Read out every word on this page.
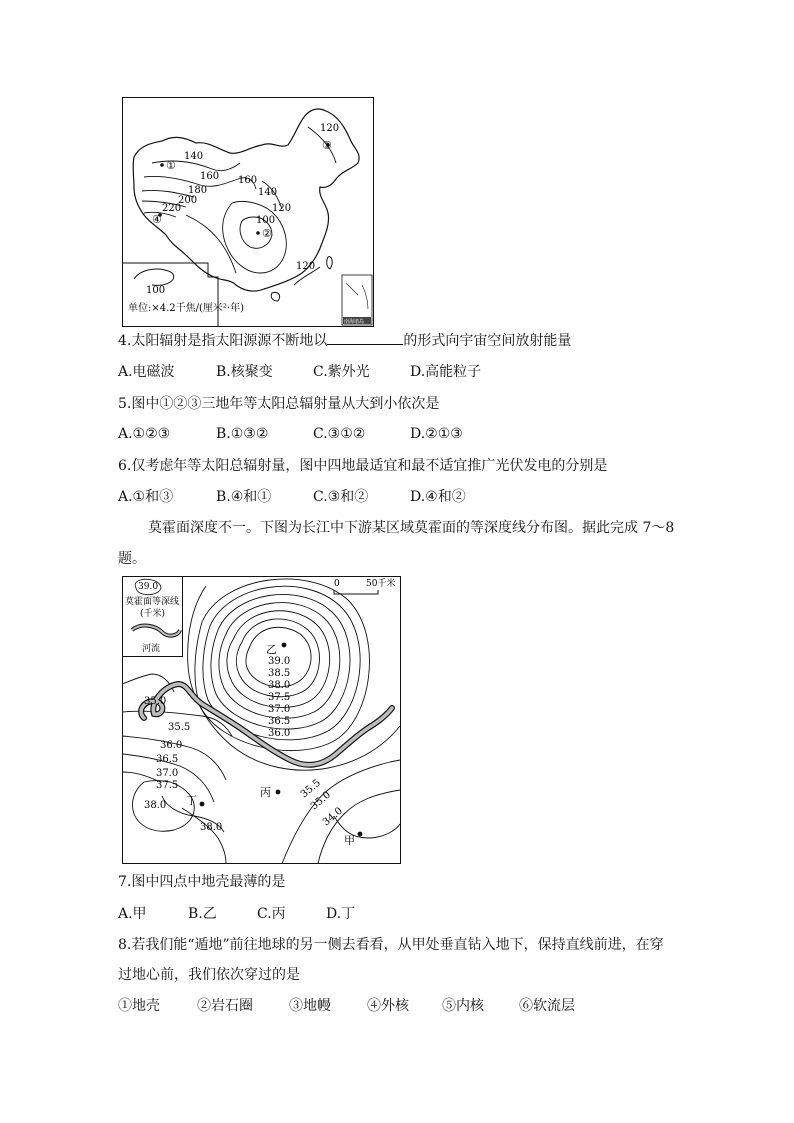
120
140
160
180
200
220
160
140
120
100
120
①
②
③
④
100
单位:×4.2千焦/(厘米²·年)
南海诸岛
4.太阳辐射是指太阳源源不断地以	的形式向宇宙空间放射能量
A.电磁波	B.核聚变	C.紫外光	D.高能粒子
5.图中①②③三地年等太阳总辐射量从大到小依次是
A.①②③	B.①③②	C.③①②	D.②①③
6.仅考虑年等太阳总辐射量，图中四地最适宜和最不适宜推广光伏发电的分别是
A.①和③	B.④和①	C.③和②	D.④和②
莫霍面深度不一。下图为长江中下游某区域莫霍面的等深度线分布图。据此完成 7～8
题。
39.0
莫霍面等深线
(千米)
河流
0	50千米
乙
丙
丁
甲
39.0
38.5
38.0
37.5
37.0
36.5
36.0
35.0
35.5
36.0
36.5
37.0
37.5
38.0
38.0
35.5
35.0
34.0
7.图中四点中地壳最薄的是
A.甲	B.乙	C.丙	D.丁
8.若我们能“遁地”前往地球的另一侧去看看，从甲处垂直钻入地下，保持直线前进，在穿
过地心前，我们依次穿过的是
①地壳	②岩石圈	③地幔	④外核 ⑤内核	⑥软流层
